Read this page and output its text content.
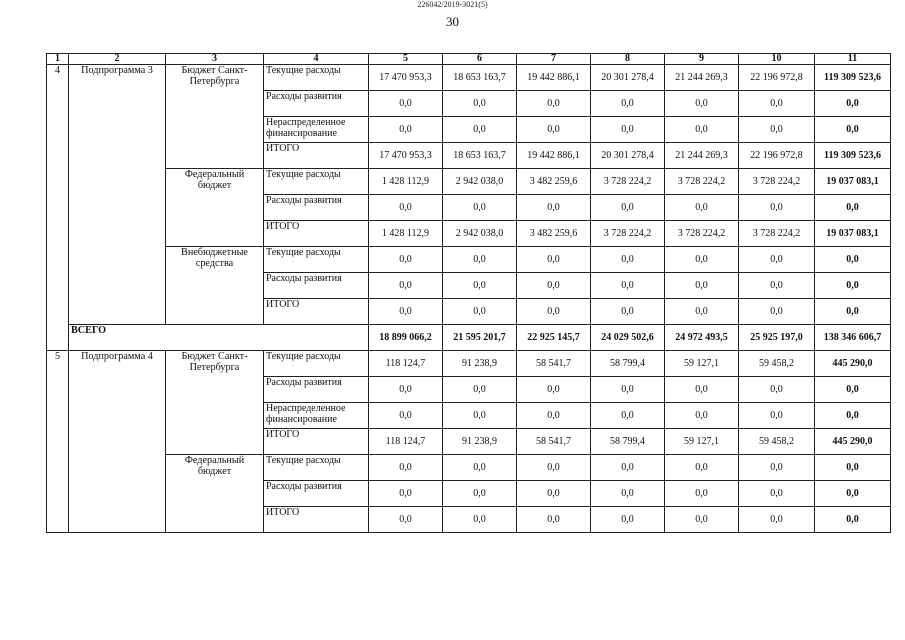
226042/2019-3021(5)
30
1	2	3	4	5	6	7	8	9	10	11
4	Подпрограмма 3	Бюджет Санкт-Петербурга	Текущие расходы	17 470 953,3	18 653 163,7	19 442 886,1	20 301 278,4	21 244 269,3	22 196 972,8	119 309 523,6
			Расходы развития	0,0	0,0	0,0	0,0	0,0	0,0	0,0
			Нераспределенное финансирование	0,0	0,0	0,0	0,0	0,0	0,0	0,0
			ИТОГО	17 470 953,3	18 653 163,7	19 442 886,1	20 301 278,4	21 244 269,3	22 196 972,8	119 309 523,6
		Федеральный бюджет	Текущие расходы	1 428 112,9	2 942 038,0	3 482 259,6	3 728 224,2	3 728 224,2	3 728 224,2	19 037 083,1
			Расходы развития	0,0	0,0	0,0	0,0	0,0	0,0	0,0
			ИТОГО	1 428 112,9	2 942 038,0	3 482 259,6	3 728 224,2	3 728 224,2	3 728 224,2	19 037 083,1
		Внебюджетные средства	Текущие расходы	0,0	0,0	0,0	0,0	0,0	0,0	0,0
			Расходы развития	0,0	0,0	0,0	0,0	0,0	0,0	0,0
			ИТОГО	0,0	0,0	0,0	0,0	0,0	0,0	0,0
	ВСЕГО			18 899 066,2	21 595 201,7	22 925 145,7	24 029 502,6	24 972 493,5	25 925 197,0	138 346 606,7
5	Подпрограмма 4	Бюджет Санкт-Петербурга	Текущие расходы	118 124,7	91 238,9	58 541,7	58 799,4	59 127,1	59 458,2	445 290,0
			Расходы развития	0,0	0,0	0,0	0,0	0,0	0,0	0,0
			Нераспределенное финансирование	0,0	0,0	0,0	0,0	0,0	0,0	0,0
			ИТОГО	118 124,7	91 238,9	58 541,7	58 799,4	59 127,1	59 458,2	445 290,0
		Федеральный бюджет	Текущие расходы	0,0	0,0	0,0	0,0	0,0	0,0	0,0
			Расходы развития	0,0	0,0	0,0	0,0	0,0	0,0	0,0
			ИТОГО	0,0	0,0	0,0	0,0	0,0	0,0	0,0
